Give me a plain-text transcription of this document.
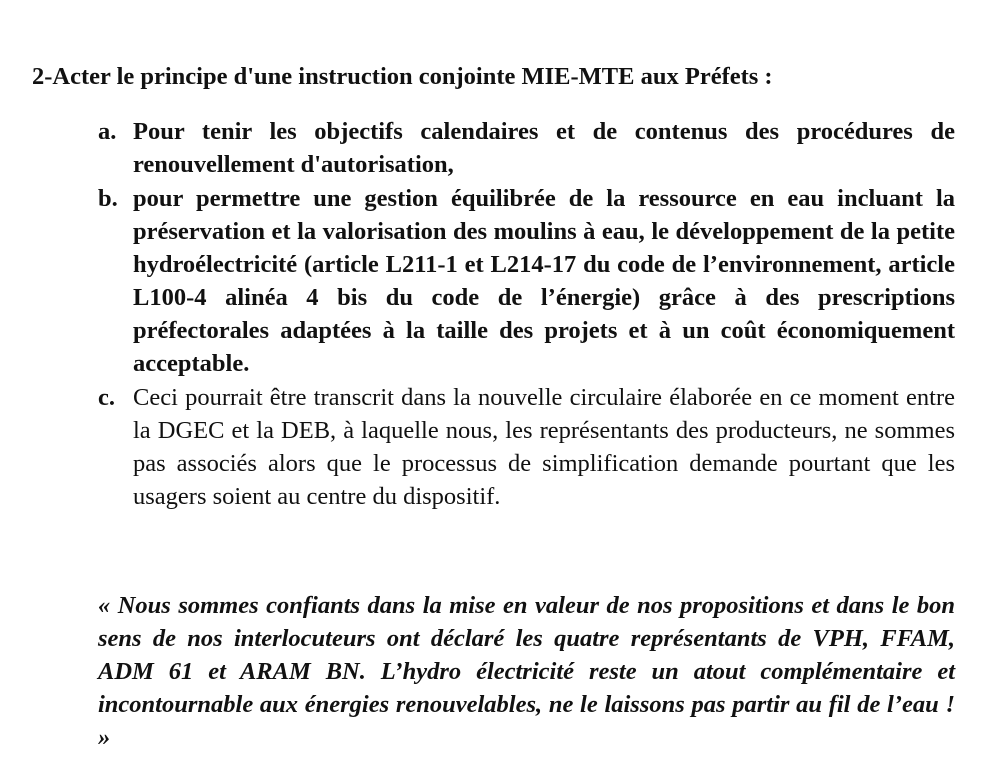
2-Acter le principe d'une instruction conjointe MIE-MTE aux Préfets :
a. Pour tenir les objectifs calendaires et de contenus des procédures de renouvellement d'autorisation,
b. pour permettre une gestion équilibrée de la ressource en eau incluant la préservation et la valorisation des moulins à eau, le développement de la petite hydroélectricité (article L211-1 et L214-17 du code de l’environnement, article L100-4 alinéa 4 bis du code de l’énergie) grâce à des prescriptions préfectorales adaptées à la taille des projets et à un coût économiquement acceptable.
c. Ceci pourrait être transcrit dans la nouvelle circulaire élaborée en ce moment entre la DGEC et la DEB, à laquelle nous, les représentants des producteurs, ne sommes pas associés alors que le processus de simplification demande pourtant que les usagers soient au centre du dispositif.

« Nous sommes confiants dans la mise en valeur de nos propositions et dans le bon sens de nos interlocuteurs ont déclaré les quatre représentants de VPH, FFAM, ADM 61 et ARAM BN. L’hydro électricité reste un atout complémentaire et incontournable aux énergies renouvelables, ne le laissons pas partir au fil de l’eau ! »
